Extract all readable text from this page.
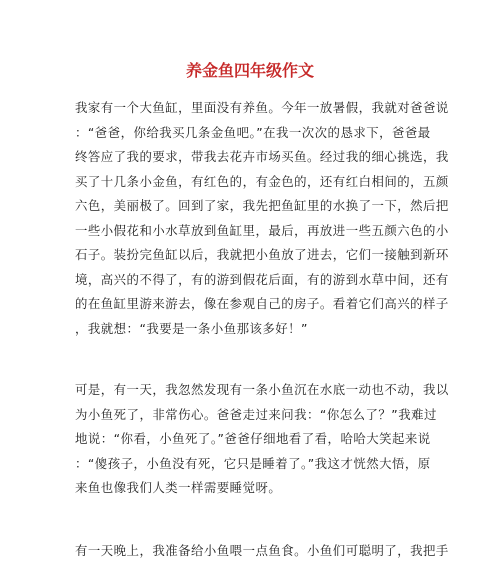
养金鱼四年级作文

我家有一个大鱼缸，里面没有养鱼。今年一放暑假，我就对爸爸说
：“爸爸，你给我买几条金鱼吧。”在我一次次的恳求下，爸爸最
终答应了我的要求，带我去花卉市场买鱼。经过我的细心挑选，我
买了十几条小金鱼，有红色的，有金色的，还有红白相间的，五颜
六色，美丽极了。回到了家，我先把鱼缸里的水换了一下，然后把
一些小假花和小水草放到鱼缸里，最后，再放进一些五颜六色的小
石子。装扮完鱼缸以后，我就把小鱼放了进去，它们一接触到新环
境，高兴的不得了，有的游到假花后面，有的游到水草中间，还有
的在鱼缸里游来游去，像在参观自己的房子。看着它们高兴的样子
，我就想：“我要是一条小鱼那该多好！”

可是，有一天，我忽然发现有一条小鱼沉在水底一动也不动，我以
为小鱼死了，非常伤心。爸爸走过来问我：“你怎么了？”我难过
地说：“你看，小鱼死了。”爸爸仔细地看了看，哈哈大笑起来说
：“傻孩子，小鱼没有死，它只是睡着了。”我这才恍然大悟，原
来鱼也像我们人类一样需要睡觉呀。

有一天晚上，我准备给小鱼喂一点鱼食。小鱼们可聪明了，我把手
